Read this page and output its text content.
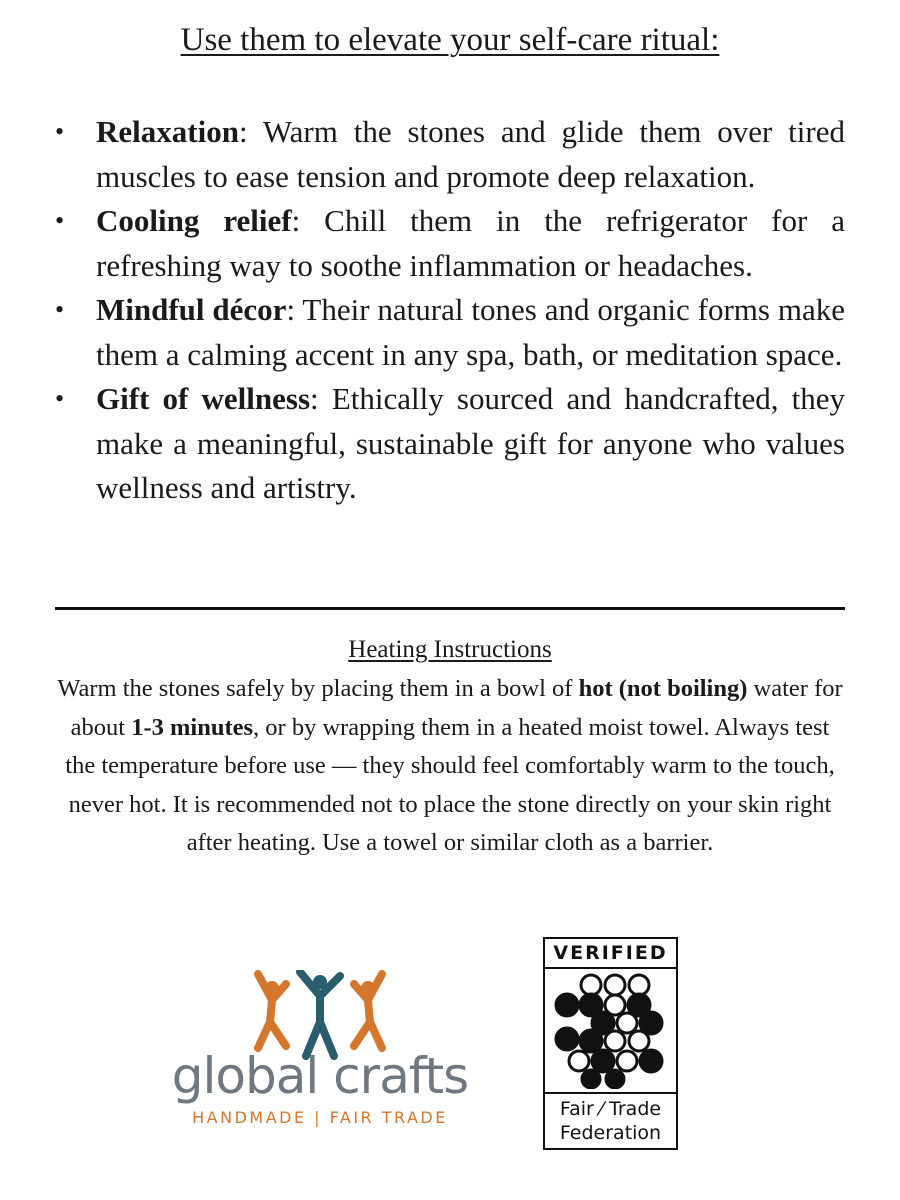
Use them to elevate your self-care ritual:
• Relaxation: Warm the stones and glide them over tired muscles to ease tension and promote deep relaxation.
• Cooling relief: Chill them in the refrigerator for a refreshing way to soothe inflammation or headaches.
• Mindful décor: Their natural tones and organic forms make them a calming accent in any spa, bath, or meditation space.
• Gift of wellness: Ethically sourced and handcrafted, they make a meaningful, sustainable gift for anyone who values wellness and artistry.
Heating Instructions
Warm the stones safely by placing them in a bowl of hot (not boiling) water for about 1-3 minutes, or by wrapping them in a heated moist towel. Always test the temperature before use — they should feel comfortably warm to the touch, never hot. It is recommended not to place the stone directly on your skin right after heating. Use a towel or similar cloth as a barrier.
global crafts
HANDMADE | FAIR TRADE
VERIFIED
Fair ⁄ Trade
Federation
